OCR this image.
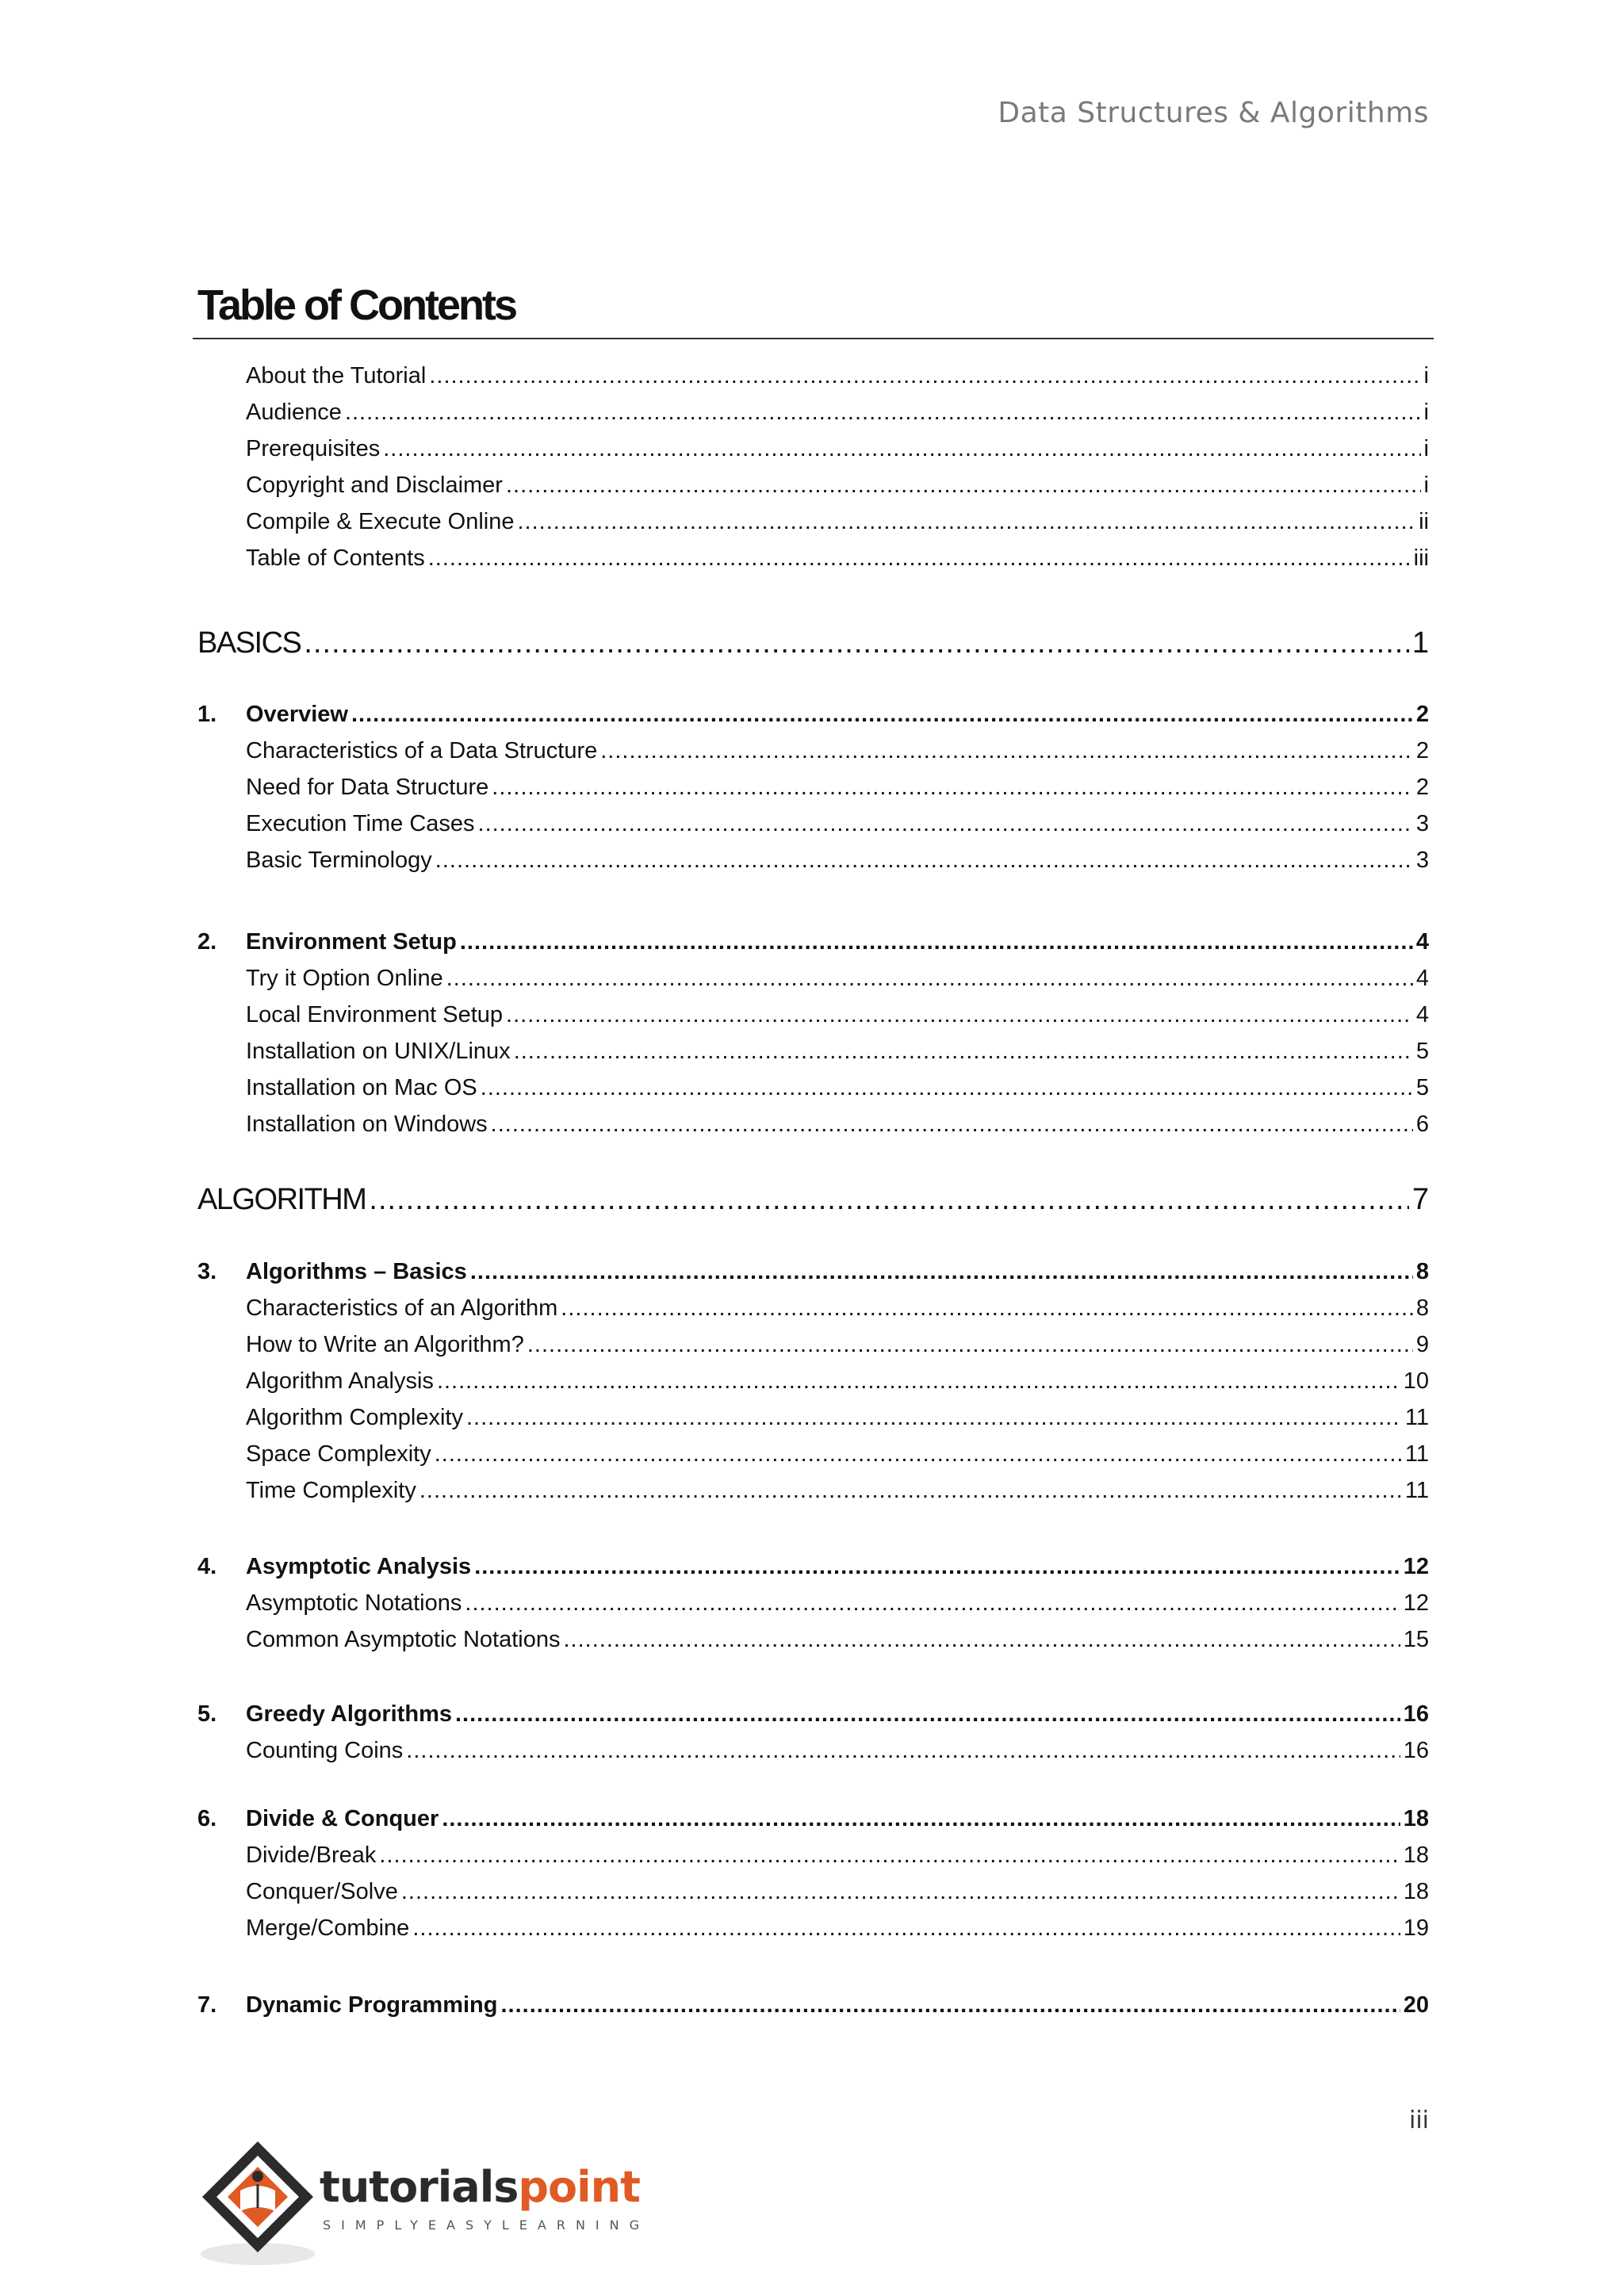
Data Structures & Algorithms
Table of Contents
About the Tutorial .....	i
Audience .....	i
Prerequisites .....	i
Copyright and Disclaimer .....	i
Compile & Execute Online .....	ii
Table of Contents .....	iii
BASICS .....	1
1. Overview .....	2
Characteristics of a Data Structure .....	2
Need for Data Structure .....	2
Execution Time Cases .....	3
Basic Terminology .....	3
2. Environment Setup .....	4
Try it Option Online .....	4
Local Environment Setup .....	4
Installation on UNIX/Linux .....	5
Installation on Mac OS .....	5
Installation on Windows .....	6
ALGORITHM .....	7
3. Algorithms – Basics .....	8
Characteristics of an Algorithm .....	8
How to Write an Algorithm? .....	9
Algorithm Analysis .....	10
Algorithm Complexity .....	11
Space Complexity .....	11
Time Complexity .....	11
4. Asymptotic Analysis .....	12
Asymptotic Notations .....	12
Common Asymptotic Notations .....	15
5. Greedy Algorithms .....	16
Counting Coins .....	16
6. Divide & Conquer .....	18
Divide/Break .....	18
Conquer/Solve .....	18
Merge/Combine .....	19
7. Dynamic Programming .....	20
iii
tutorialspoint
SIMPLYEASYLEARNING
